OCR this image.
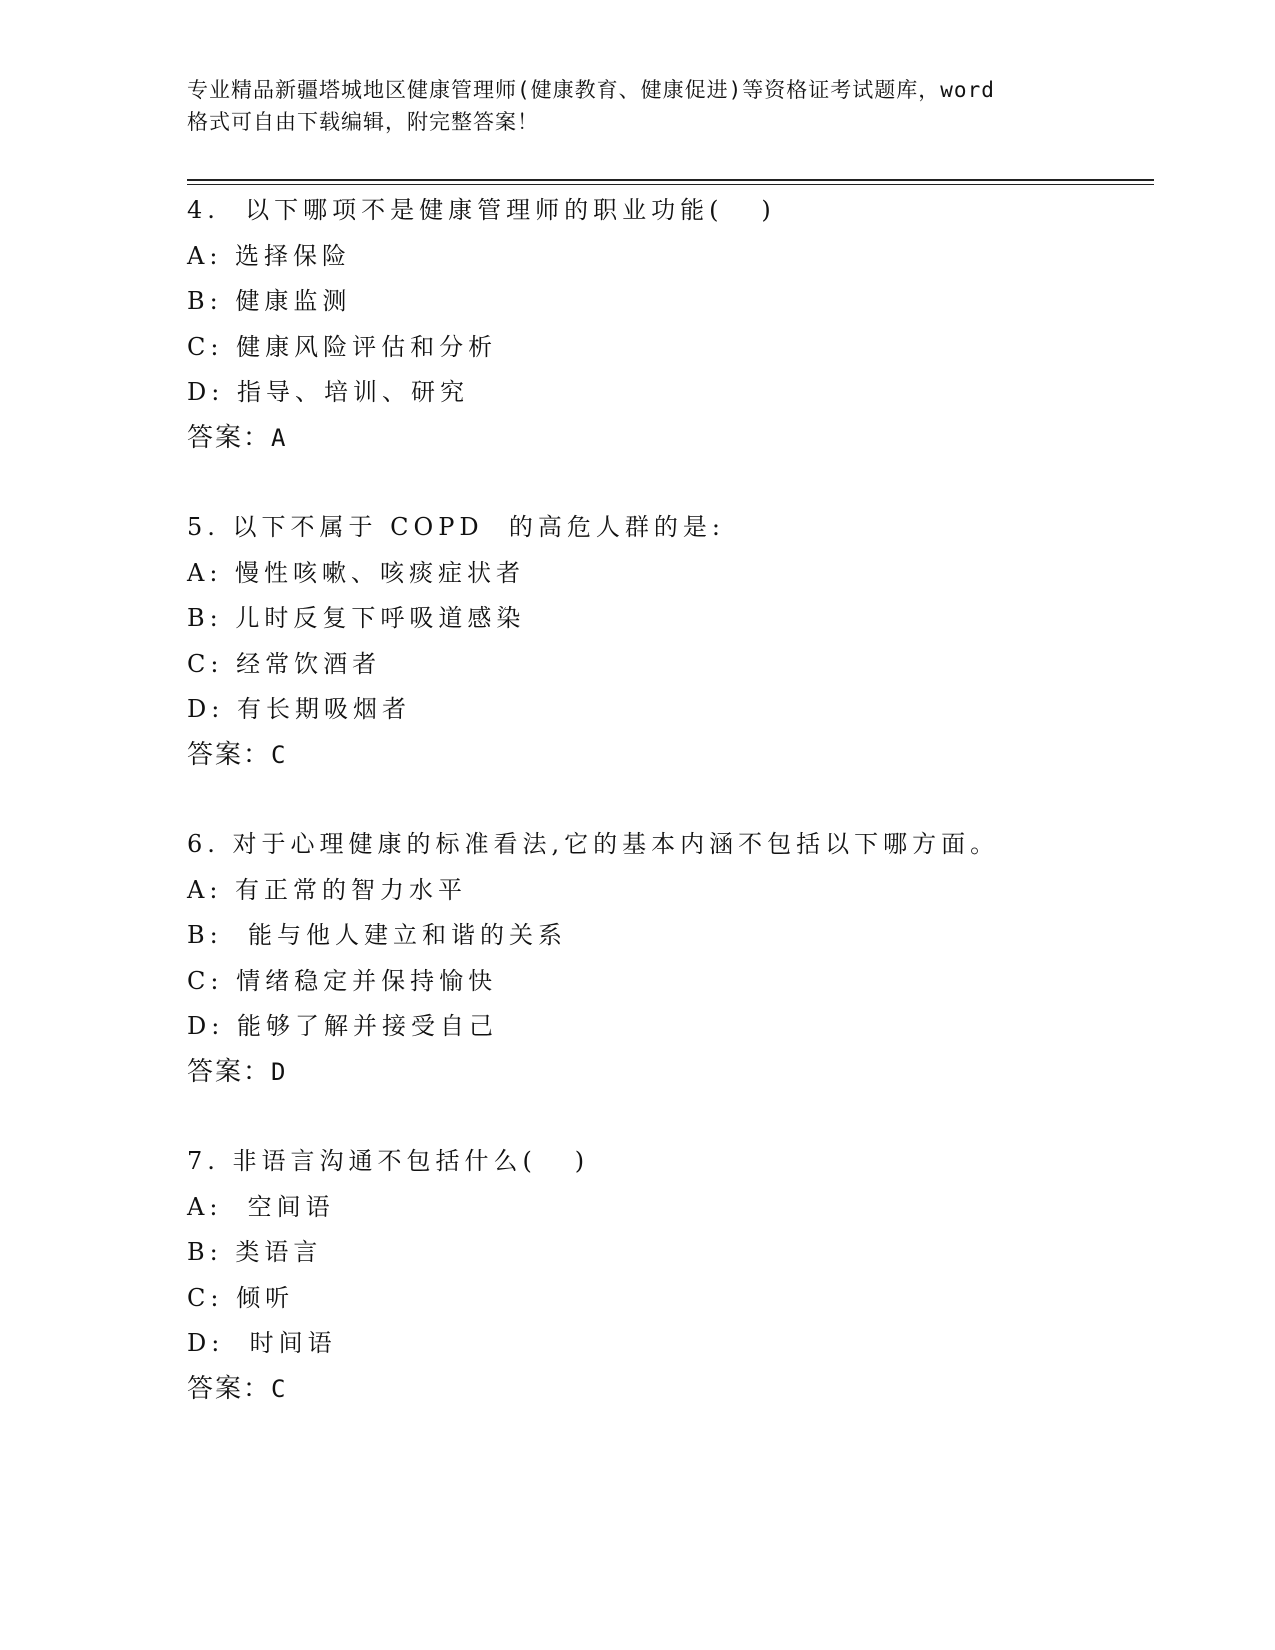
专业精品新疆塔城地区健康管理师(健康教育、健康促进)等资格证考试题库，word
格式可自由下载编辑，附完整答案！
4.  以下哪项不是健康管理师的职业功能(   )
A: 选择保险
B: 健康监测
C: 健康风险评估和分析
D: 指导、培训、研究
答案：A
5. 以下不属于 COPD  的高危人群的是:
A: 慢性咳嗽、咳痰症状者
B: 儿时反复下呼吸道感染
C: 经常饮酒者
D: 有长期吸烟者
答案：C
6. 对于心理健康的标准看法,它的基本内涵不包括以下哪方面。
A: 有正常的智力水平
B:  能与他人建立和谐的关系
C: 情绪稳定并保持愉快
D: 能够了解并接受自己
答案：D
7. 非语言沟通不包括什么(   )
A:  空间语
B: 类语言
C: 倾听
D:  时间语
答案：C
